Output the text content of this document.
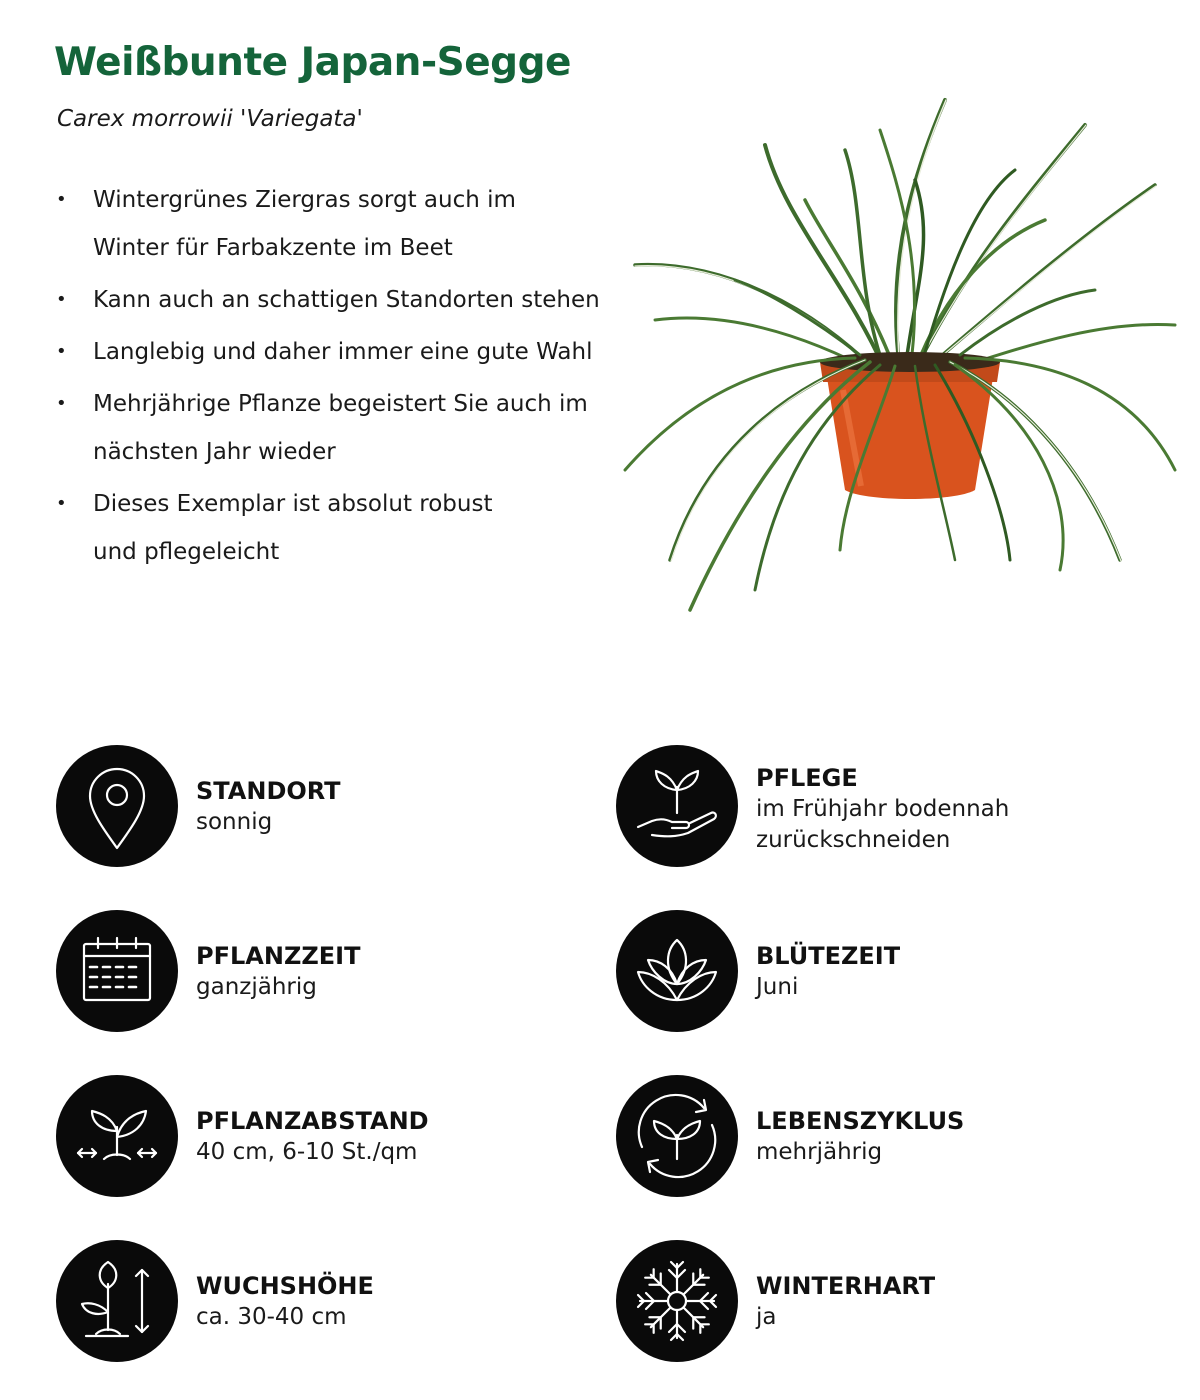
Weißbunte Japan-Segge
Carex morrowii 'Variegata'
• Wintergrünes Ziergras sorgt auch im
Winter für Farbakzente im Beet
• Kann auch an schattigen Standorten stehen
• Langlebig und daher immer eine gute Wahl
• Mehrjährige Pflanze begeistert Sie auch im
nächsten Jahr wieder
• Dieses Exemplar ist absolut robust
und pflegeleicht
STANDORT
sonnig
PFLEGE
im Frühjahr bodennah
zurückschneiden
PFLANZZEIT
ganzjährig
BLÜTEZEIT
Juni
PFLANZABSTAND
40 cm, 6-10 St./qm
LEBENSZYKLUS
mehrjährig
WUCHSHÖHE
ca. 30-40 cm
WINTERHART
ja
